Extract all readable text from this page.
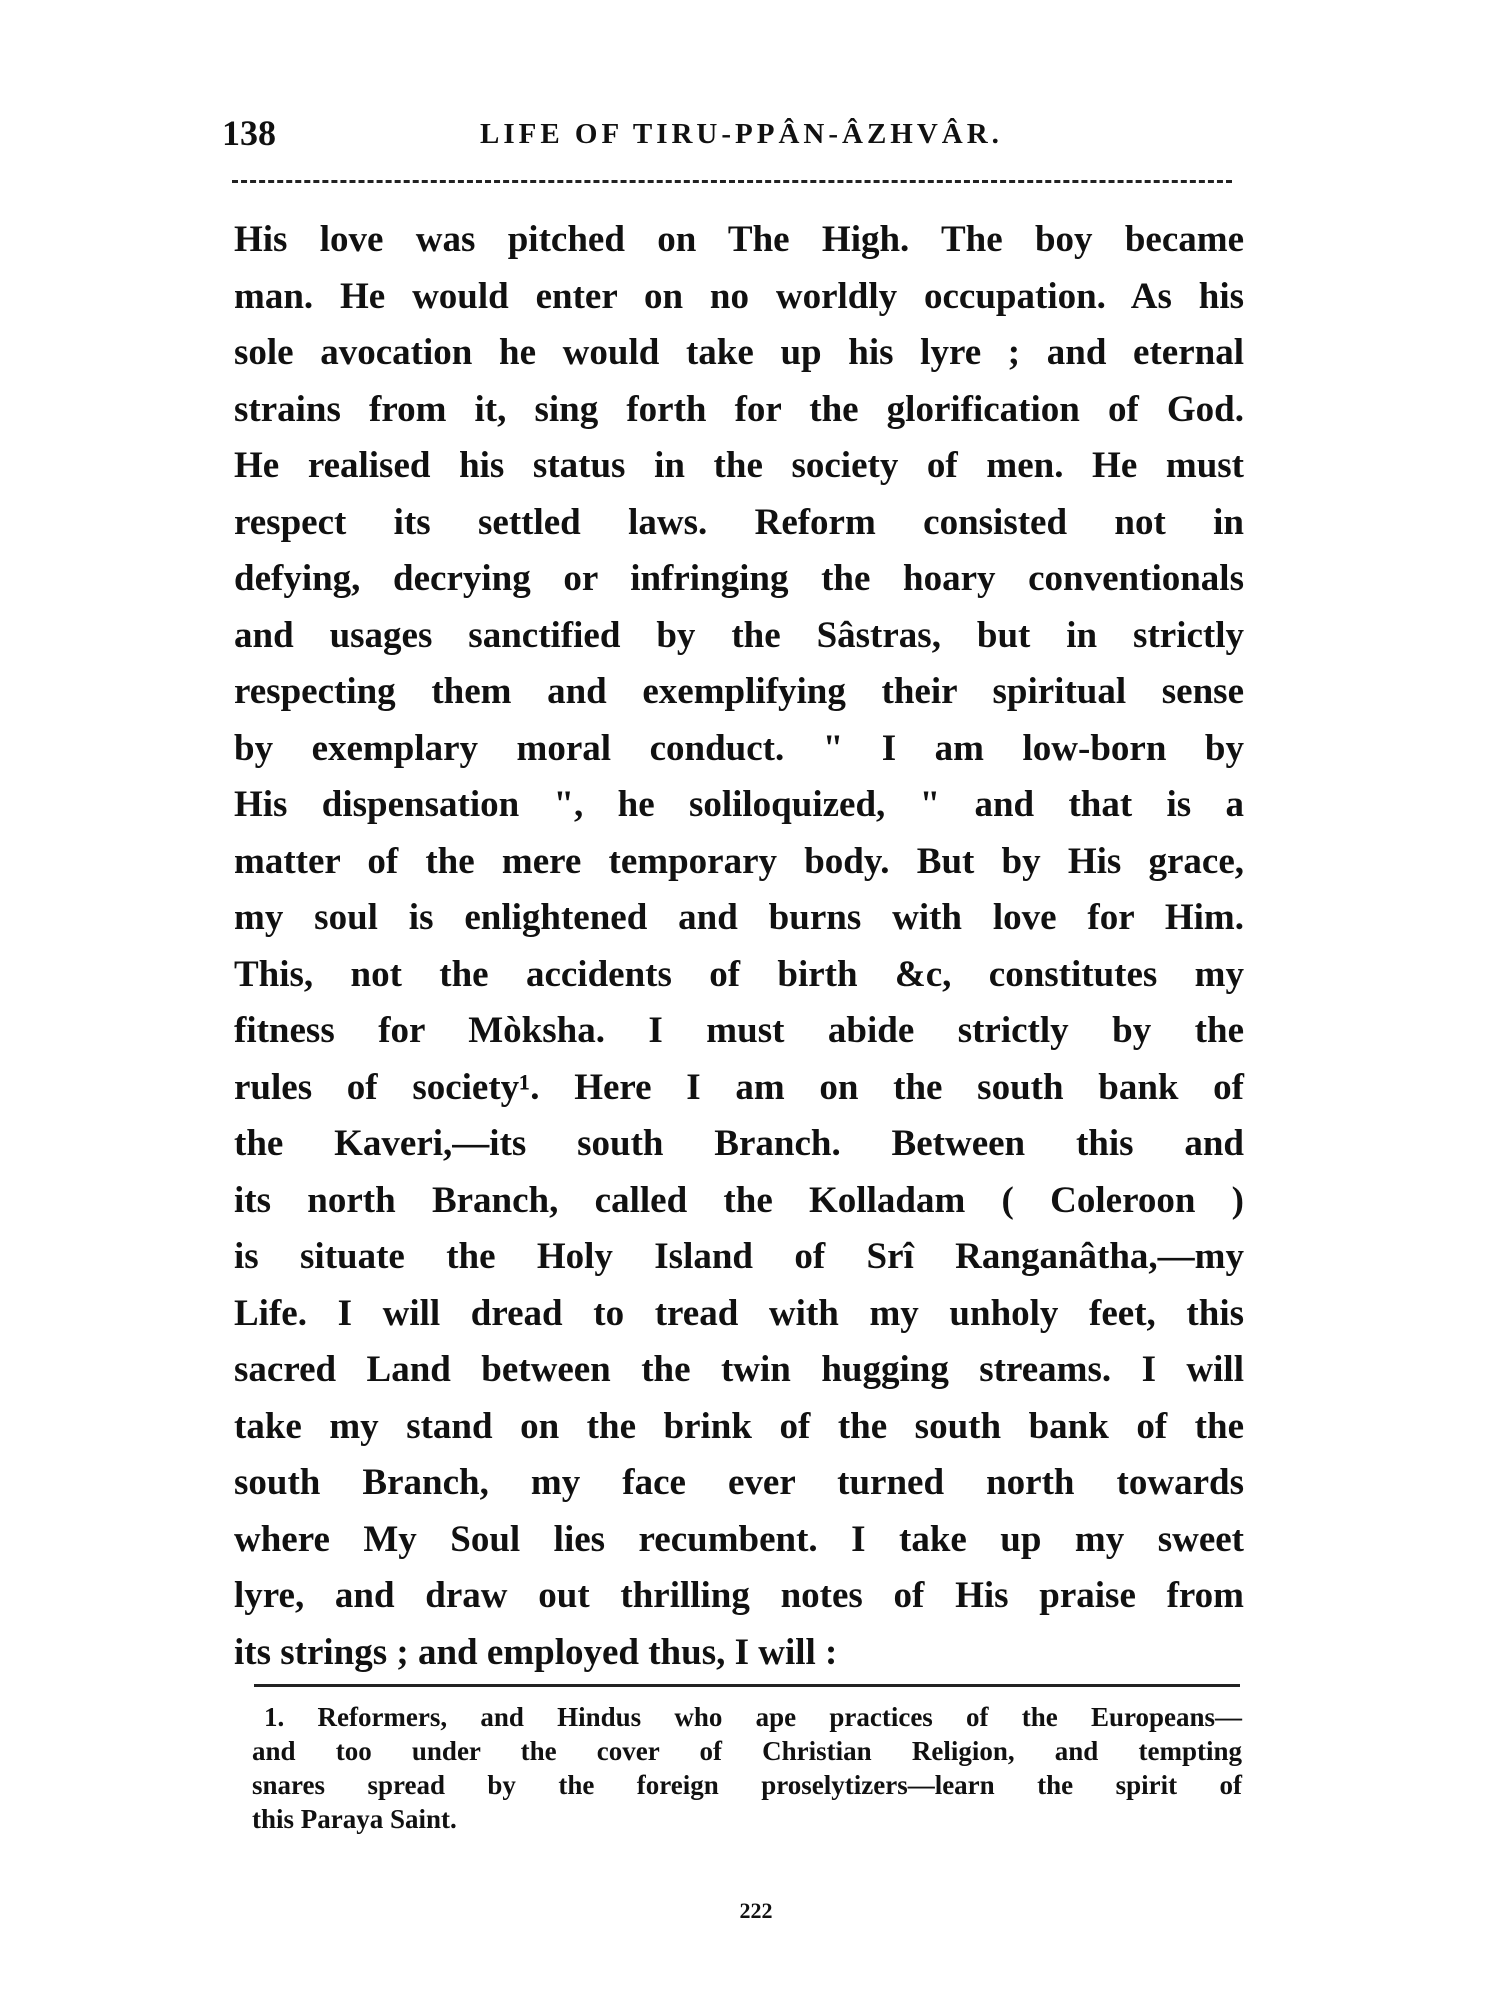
138	LIFE OF TIRU-PPÂN-ÂZHVÂR.
His love was pitched on The High. The boy became
man. He would enter on no worldly occupation. As his
sole avocation he would take up his lyre ; and eternal
strains from it, sing forth for the glorification of God.
He realised his status in the society of men. He must
respect its settled laws. Reform consisted not in
defying, decrying or infringing the hoary conventionals
and usages sanctified by the Sâstras, but in strictly
respecting them and exemplifying their spiritual sense
by exemplary moral conduct. " I am low-born by
His dispensation ", he soliloquized, " and that is a
matter of the mere temporary body. But by His grace,
my soul is enlightened and burns with love for Him.
This, not the accidents of birth &c, constitutes my
fitness for Mòksha. I must abide strictly by the
rules of society¹. Here I am on the south bank of
the Kaveri,—its south Branch. Between this and
its north Branch, called the Kolladam ( Coleroon )
is situate the Holy Island of Srî Ranganâtha,—my
Life. I will dread to tread with my unholy feet, this
sacred Land between the twin hugging streams. I will
take my stand on the brink of the south bank of the
south Branch, my face ever turned north towards
where My Soul lies recumbent. I take up my sweet
lyre, and draw out thrilling notes of His praise from
its strings ; and employed thus, I will :
1. Reformers, and Hindus who ape practices of the Europeans—
and too under the cover of Christian Religion, and tempting
snares spread by the foreign proselytizers—learn the spirit of
this Paraya Saint.
222
